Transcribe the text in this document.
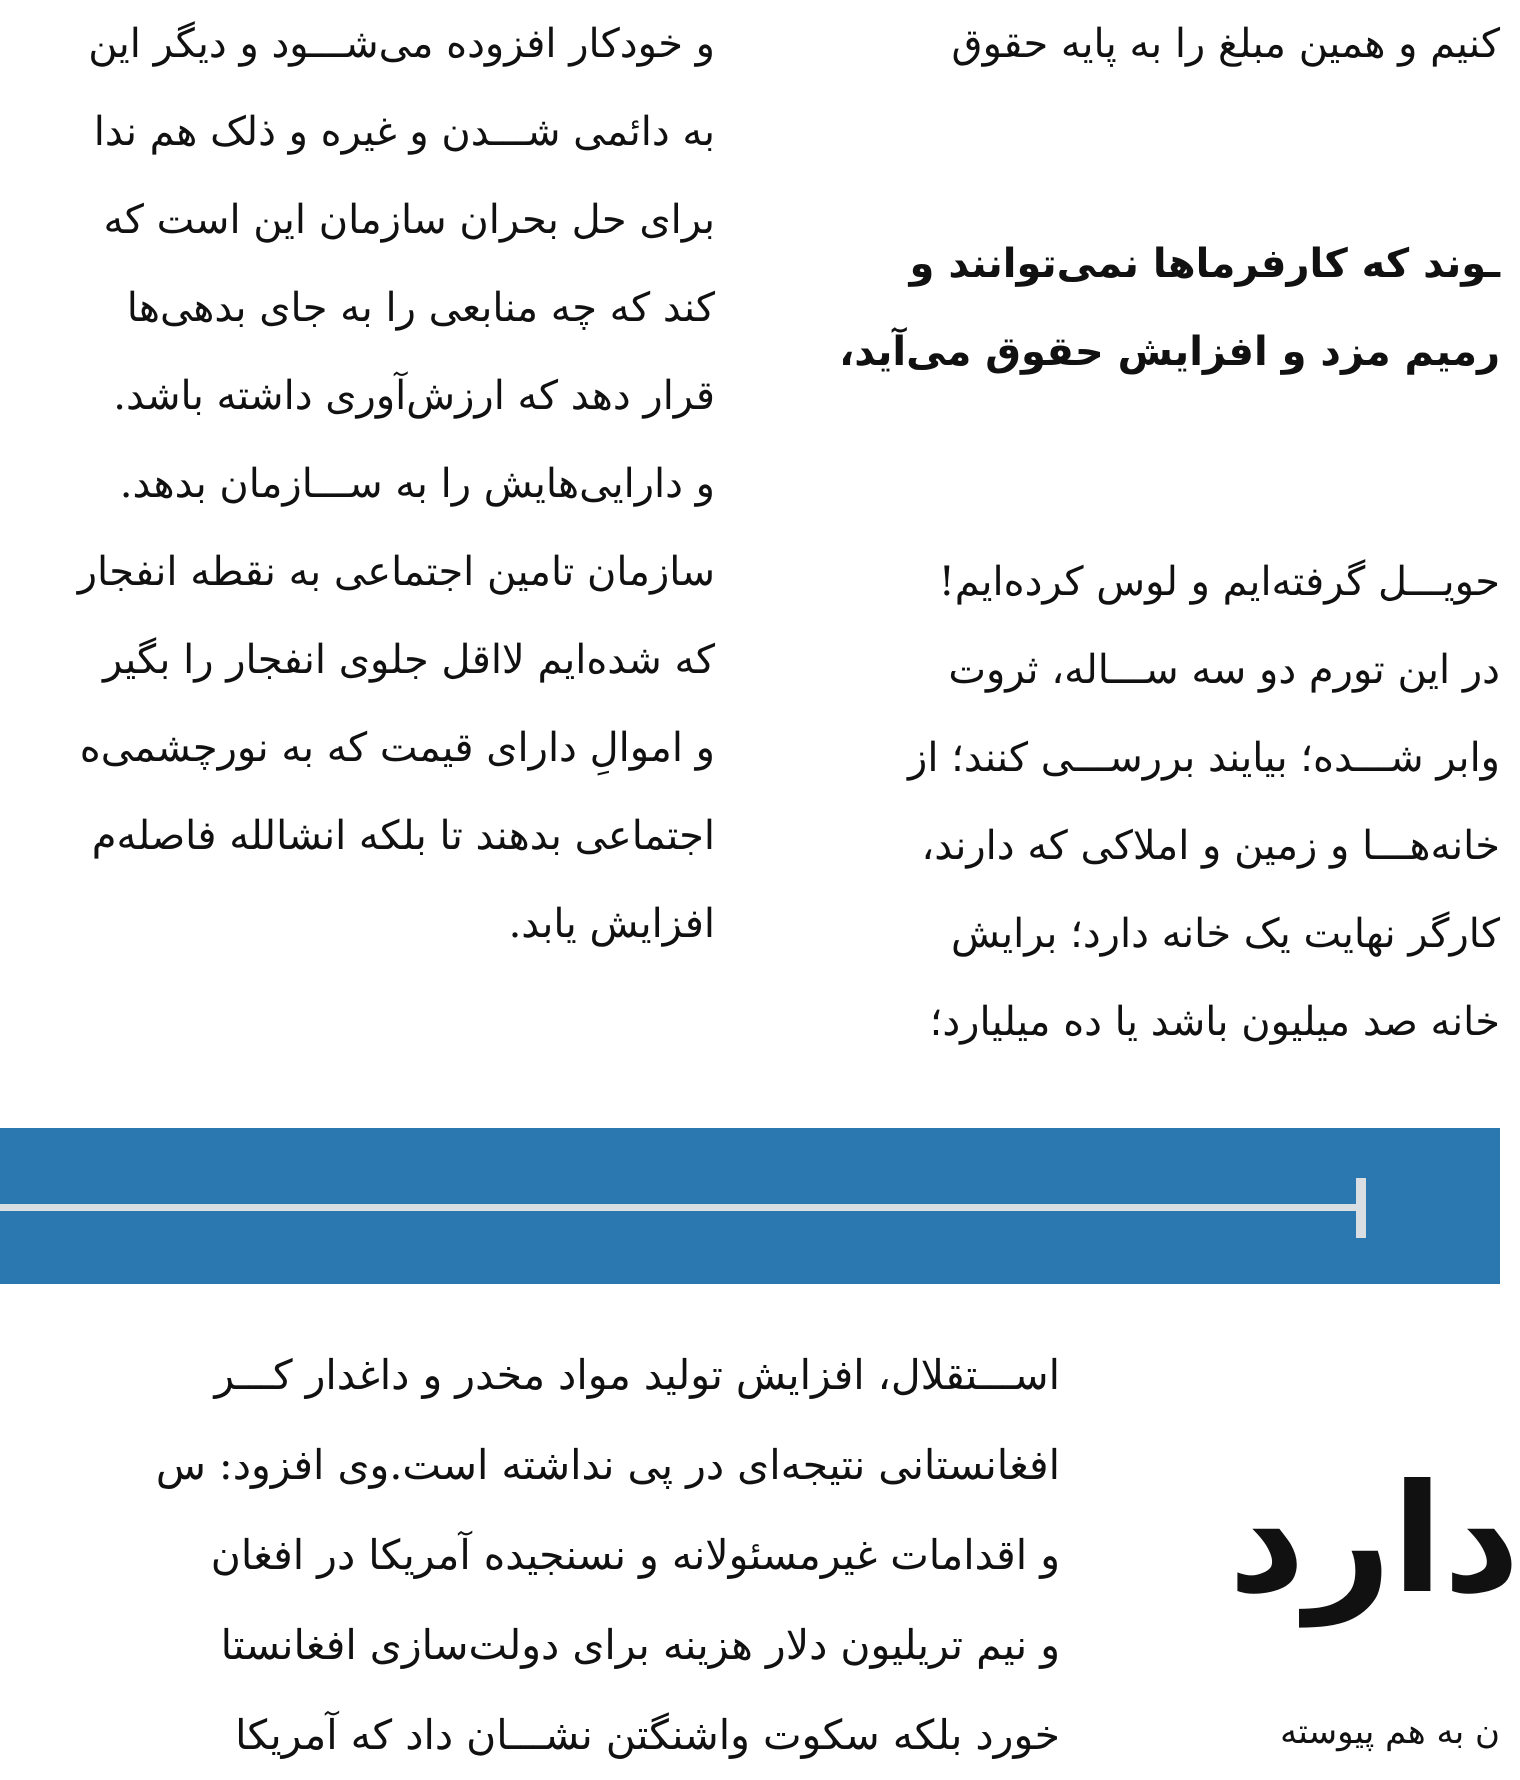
و خودکار افزوده می‌شـــود و دیگر این
به دائمی شـــدن و غیره و ذلک هم ندا
برای حل بحران سازمان این است که
کند که چه منابعی را به جای بدهی‌ها
قرار دهد که ارزش‌آوری داشته باشد.
و دارایی‌هایش را به ســـازمان بدهد.
سازمان تامین اجتماعی به نقطه انفجار
که شده‌ایم لااقل جلوی انفجار را بگیر
و اموالِ دارای قیمت که به نورچشمی‌ه
اجتماعی بدهند تا بلکه انشالله فاصله‌م
افزایش یابد.
کنیم و همین مبلغ را به پایه حقوق
ـوند که کارفرماها نمی‌توانند و
رمیم مزد و افزایش حقوق می‌آید،
حویـــل گرفته‌ایم و لوس کرده‌ایم!
در این تورم دو سه ســـاله، ثروت
وابر شـــده؛ بیایند بررســـی کنند؛ از
خانه‌هـــا و زمین و املاکی که دارند،
کارگر نهایت یک خانه دارد؛ برایش
خانه صد میلیون باشد یا ده میلیارد؛
اســـتقلال، افزایش تولید مواد مخدر و داغدار کـــر
افغانستانی نتیجه‌ای در پی نداشته است.وی افزود: س
و اقدامات غیرمسئولانه و نسنجیده آمریکا در افغان
و نیم تریلیون دلار هزینه برای دولت‌سازی افغانستا
خورد بلکه سکوت واشنگتن نشـــان داد که آمریکا
دارد
ن به هم پیوسته
